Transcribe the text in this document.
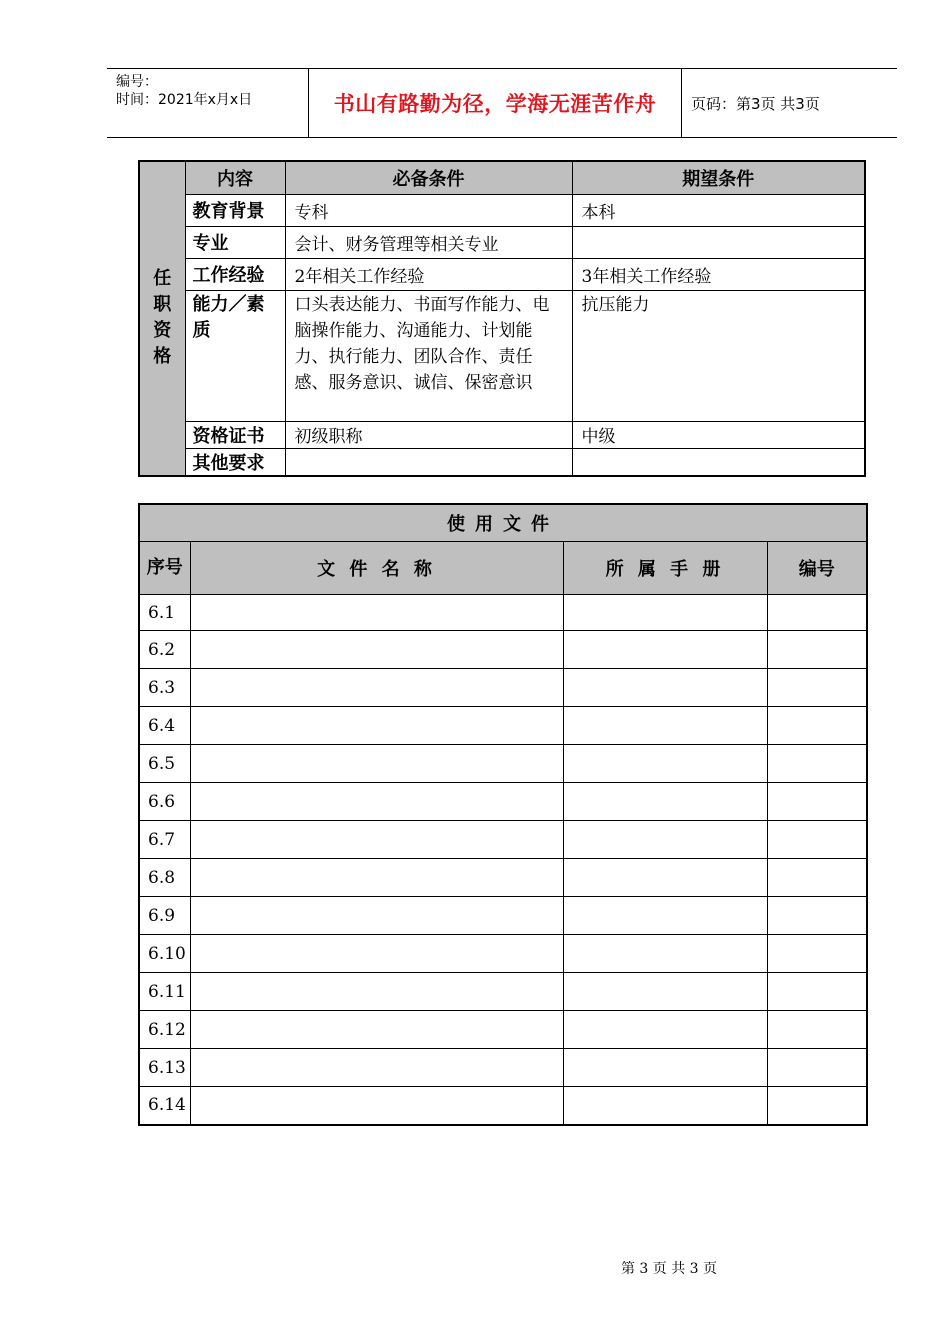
编号：
时间：2021年x月x日	书山有路勤为径，学海无涯苦作舟	页码：第3页 共3页
任
职
资
格	内容	必备条件	期望条件
	教育背景	专科	本科
	专业	会计、财务管理等相关专业	
	工作经验	2年相关工作经验	3年相关工作经验
	能力／素质	口头表达能力、书面写作能力、电脑操作能力、沟通能力、计划能力、执行能力、团队合作、责任感、服务意识、诚信、保密意识	抗压能力
	资格证书	初级职称	中级
	其他要求		
使用文件			
序号	文 件 名 称	所 属 手 册	编号
6.1			
6.2			
6.3			
6.4			
6.5			
6.6			
6.7			
6.8			
6.9			
6.10			
6.11			
6.12			
6.13			
6.14			
第 3 页 共 3 页
